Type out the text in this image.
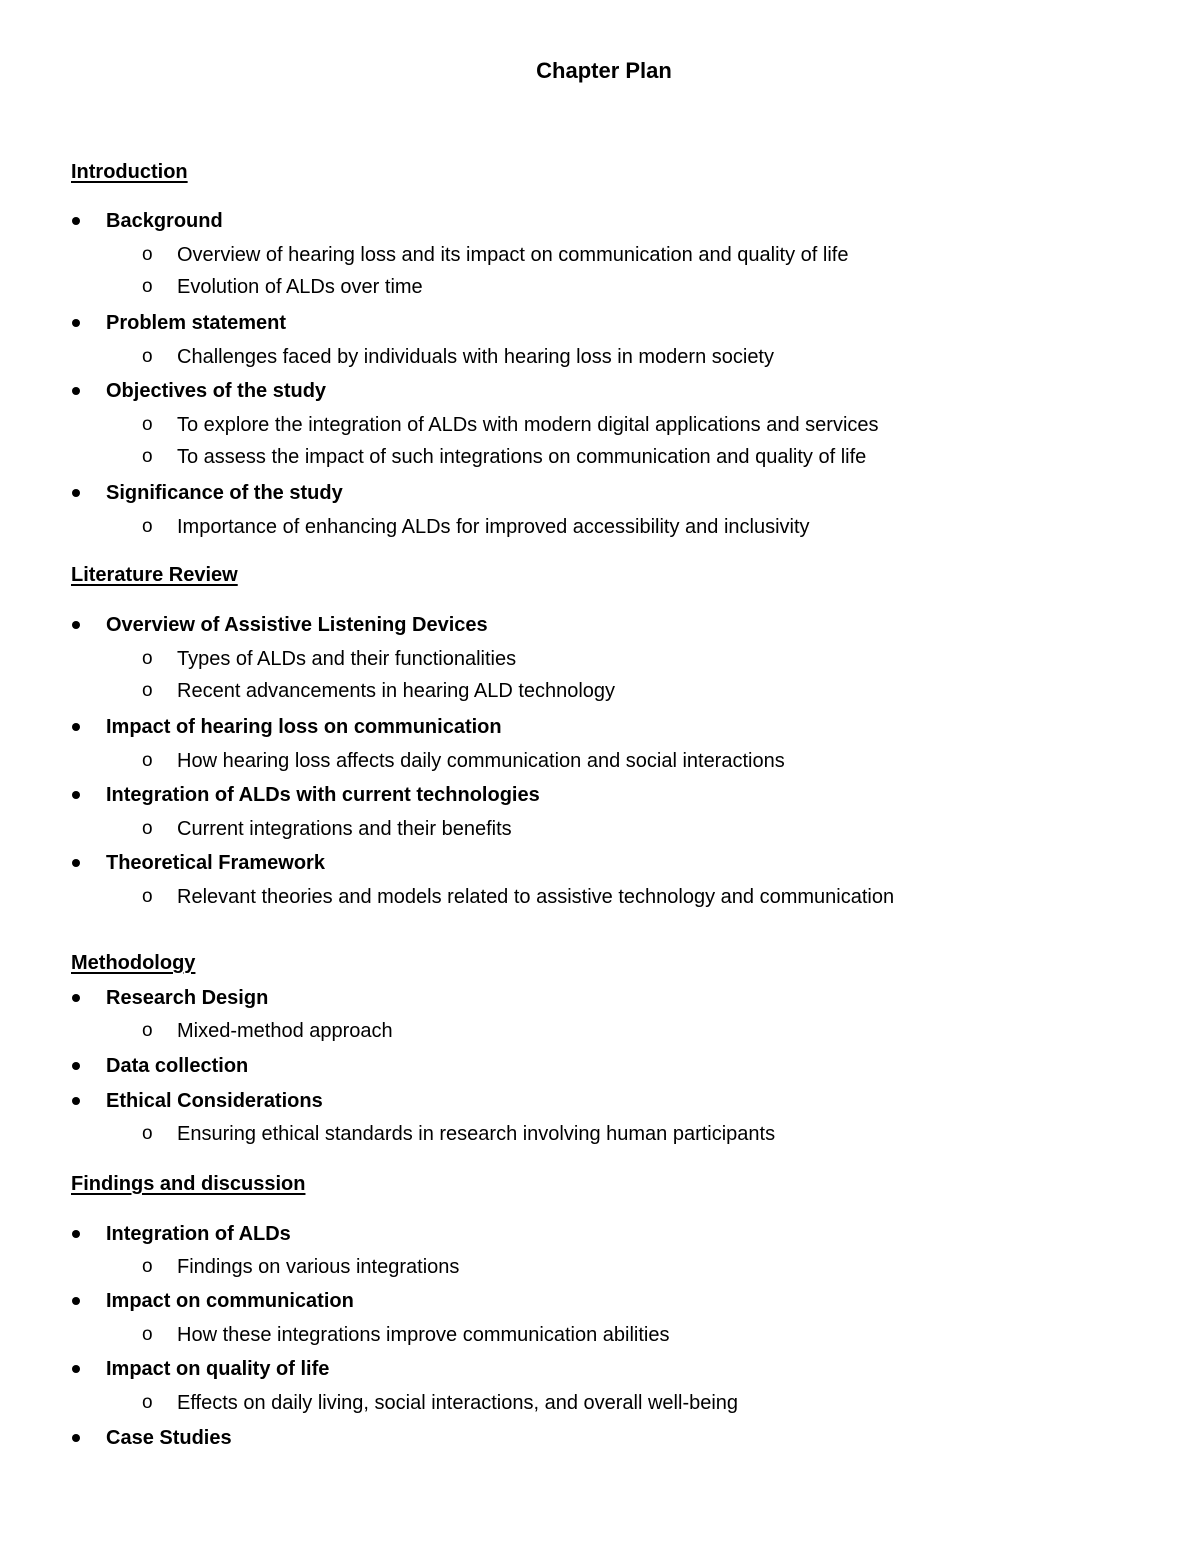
Chapter Plan
Introduction
Background
o	Overview of hearing loss and its impact on communication and quality of life
o	Evolution of ALDs over time
Problem statement
o	Challenges faced by individuals with hearing loss in modern society
Objectives of the study
o	To explore the integration of ALDs with modern digital applications and services
o	To assess the impact of such integrations on communication and quality of life
Significance of the study
o	Importance of enhancing ALDs for improved accessibility and inclusivity
Literature Review
Overview of Assistive Listening Devices
o	Types of ALDs and their functionalities
o	Recent advancements in hearing ALD technology
Impact of hearing loss on communication
o	How hearing loss affects daily communication and social interactions
Integration of ALDs with current technologies
o	Current integrations and their benefits
Theoretical Framework
o	Relevant theories and models related to assistive technology and communication
Methodology
Research Design
o	Mixed-method approach
Data collection
Ethical Considerations
o	Ensuring ethical standards in research involving human participants
Findings and discussion
Integration of ALDs
o	Findings on various integrations
Impact on communication
o	How these integrations improve communication abilities
Impact on quality of life
o	Effects on daily living, social interactions, and overall well-being
Case Studies
